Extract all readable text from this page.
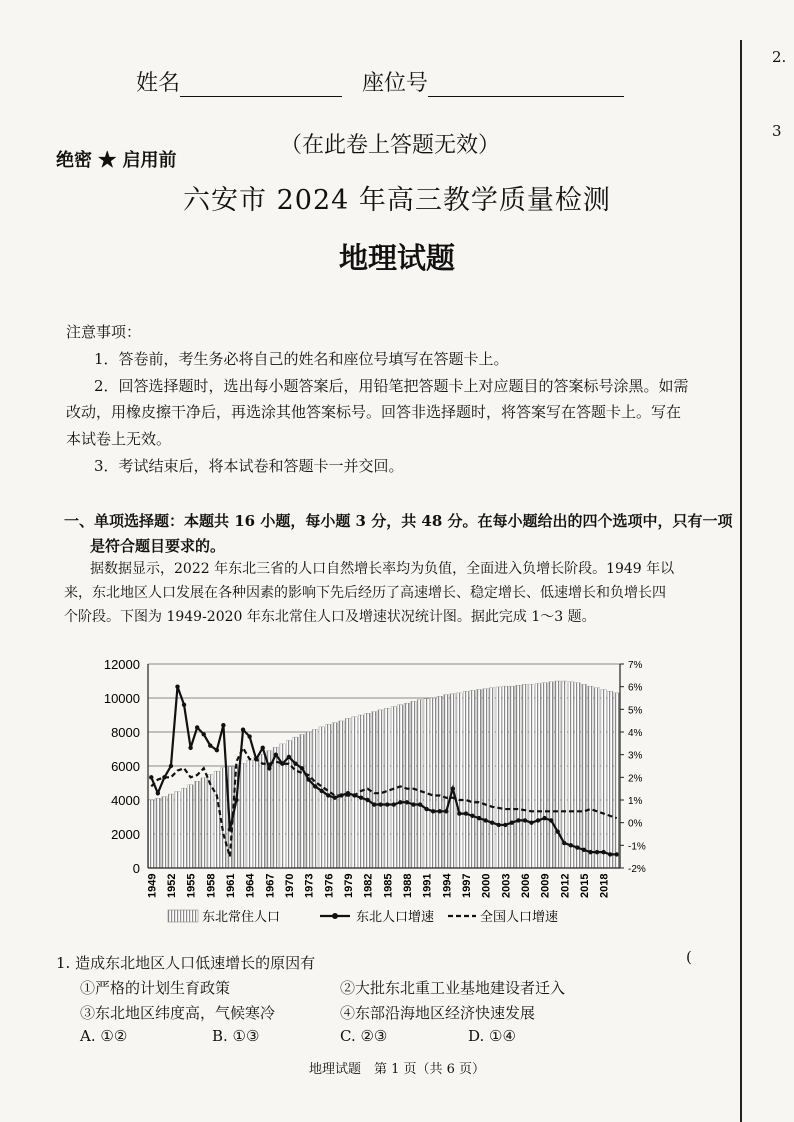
2.
3
姓名	座位号
（在此卷上答题无效）
绝密 ★ 启用前
六安市 2024 年高三教学质量检测
地理试题
注意事项：
1．答卷前，考生务必将自己的姓名和座位号填写在答题卡上。
2．回答选择题时，选出每小题答案后，用铅笔把答题卡上对应题目的答案标号涂黑。如需
改动，用橡皮擦干净后，再选涂其他答案标号。回答非选择题时，将答案写在答题卡上。写在
本试卷上无效。
3．考试结束后，将本试卷和答题卡一并交回。
一、单项选择题：本题共 16 小题，每小题 3 分，共 48 分。在每小题给出的四个选项中，只有一项
是符合题目要求的。
据数据显示，2022 年东北三省的人口自然增长率均为负值，全面进入负增长阶段。1949 年以
来，东北地区人口发展在各种因素的影响下先后经历了高速增长、稳定增长、低速增长和负增长四
个阶段。下图为 1949-2020 年东北常住人口及增速状况统计图。据此完成 1～3 题。
0
2000
4000
6000
8000
10000
12000
-2%
-1%
0%
1%
2%
3%
4%
5%
6%
7%
1949 1952 1955 1958 1961 1964 1967 1970 1973 1976 1979 1982 1985 1988 1991 1994 1997 2000 2003 2006 2009 2012 2015 2018
东北常住人口	东北人口增速	全国人口增速
1. 造成东北地区人口低速增长的原因有	(
①严格的计划生育政策	②大批东北重工业基地建设者迁入
③东北地区纬度高，气候寒冷	④东部沿海地区经济快速发展
A. ①②	B. ①③	C. ②③	D. ①④
地理试题　第 1 页（共 6 页）
